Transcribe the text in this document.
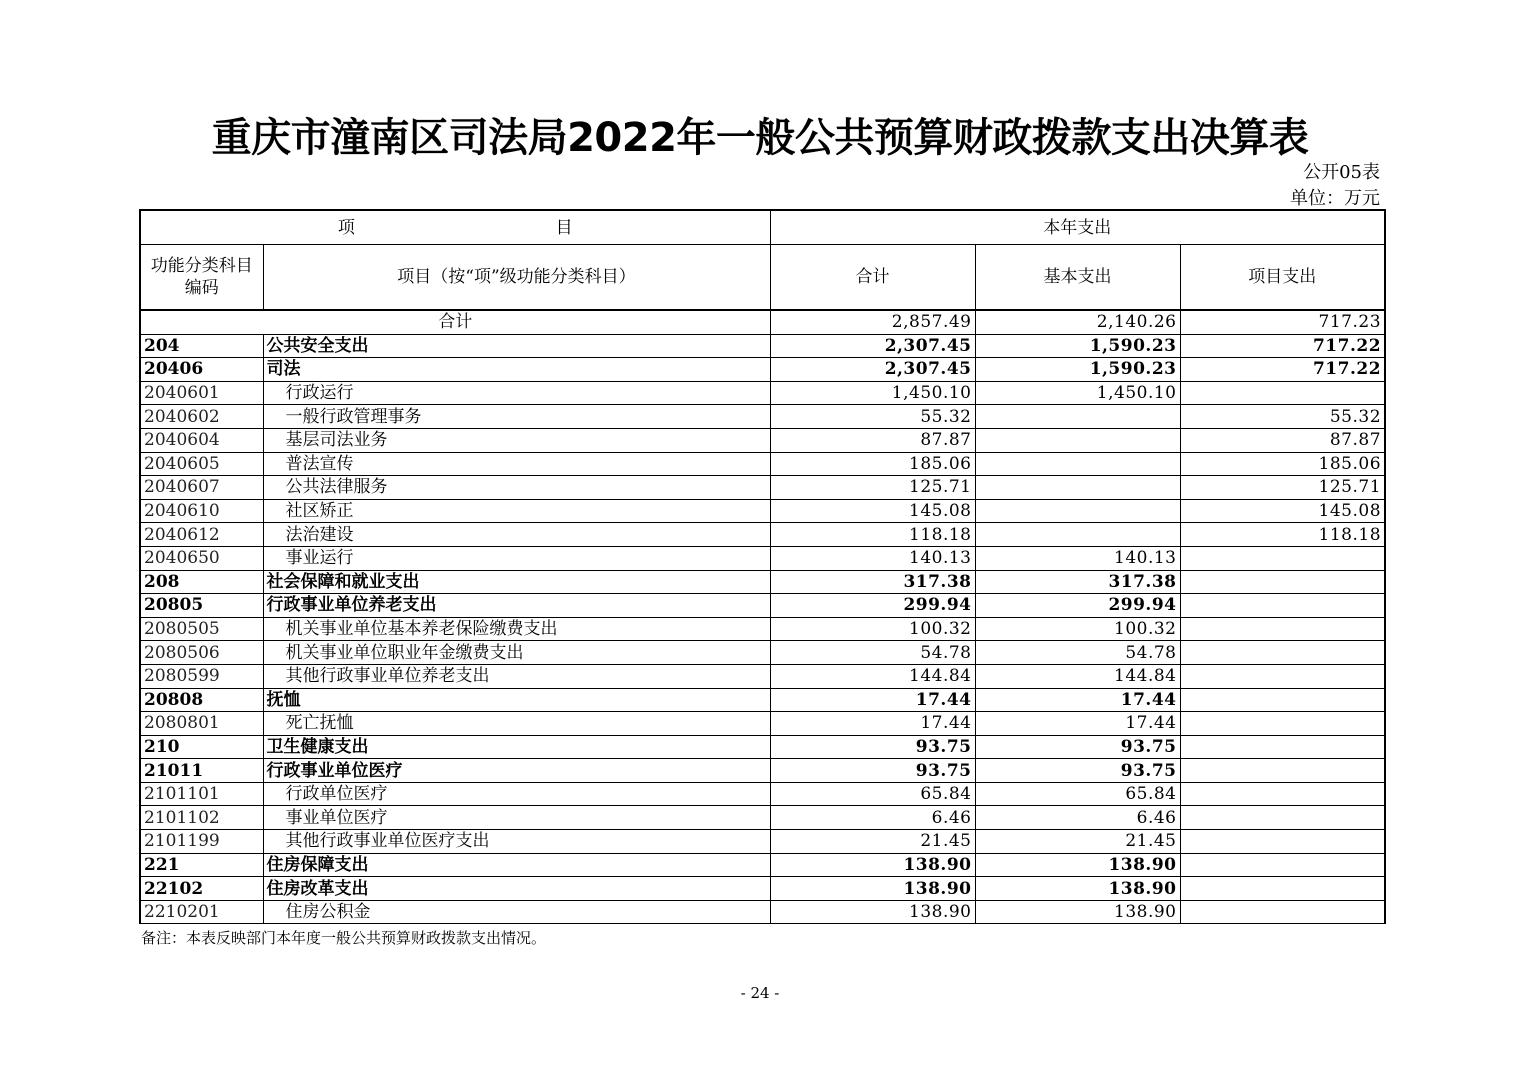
重庆市潼南区司法局2022年一般公共预算财政拨款支出决算表
公开05表
单位：万元
项 目		本年支出		
功能分类科目编码	项目（按“项”级功能分类科目）	合计	基本支出	项目支出
合计		2,857.49	2,140.26	717.23
204	公共安全支出	2,307.45	1,590.23	717.22
20406	司法	2,307.45	1,590.23	717.22
2040601	行政运行	1,450.10	1,450.10	
2040602	一般行政管理事务	55.32		55.32
2040604	基层司法业务	87.87		87.87
2040605	普法宣传	185.06		185.06
2040607	公共法律服务	125.71		125.71
2040610	社区矫正	145.08		145.08
2040612	法治建设	118.18		118.18
2040650	事业运行	140.13	140.13	
208	社会保障和就业支出	317.38	317.38	
20805	行政事业单位养老支出	299.94	299.94	
2080505	机关事业单位基本养老保险缴费支出	100.32	100.32	
2080506	机关事业单位职业年金缴费支出	54.78	54.78	
2080599	其他行政事业单位养老支出	144.84	144.84	
20808	抚恤	17.44	17.44	
2080801	死亡抚恤	17.44	17.44	
210	卫生健康支出	93.75	93.75	
21011	行政事业单位医疗	93.75	93.75	
2101101	行政单位医疗	65.84	65.84	
2101102	事业单位医疗	6.46	6.46	
2101199	其他行政事业单位医疗支出	21.45	21.45	
221	住房保障支出	138.90	138.90	
22102	住房改革支出	138.90	138.90	
2210201	住房公积金	138.90	138.90	
备注：本表反映部门本年度一般公共预算财政拨款支出情况。
- 24 -
